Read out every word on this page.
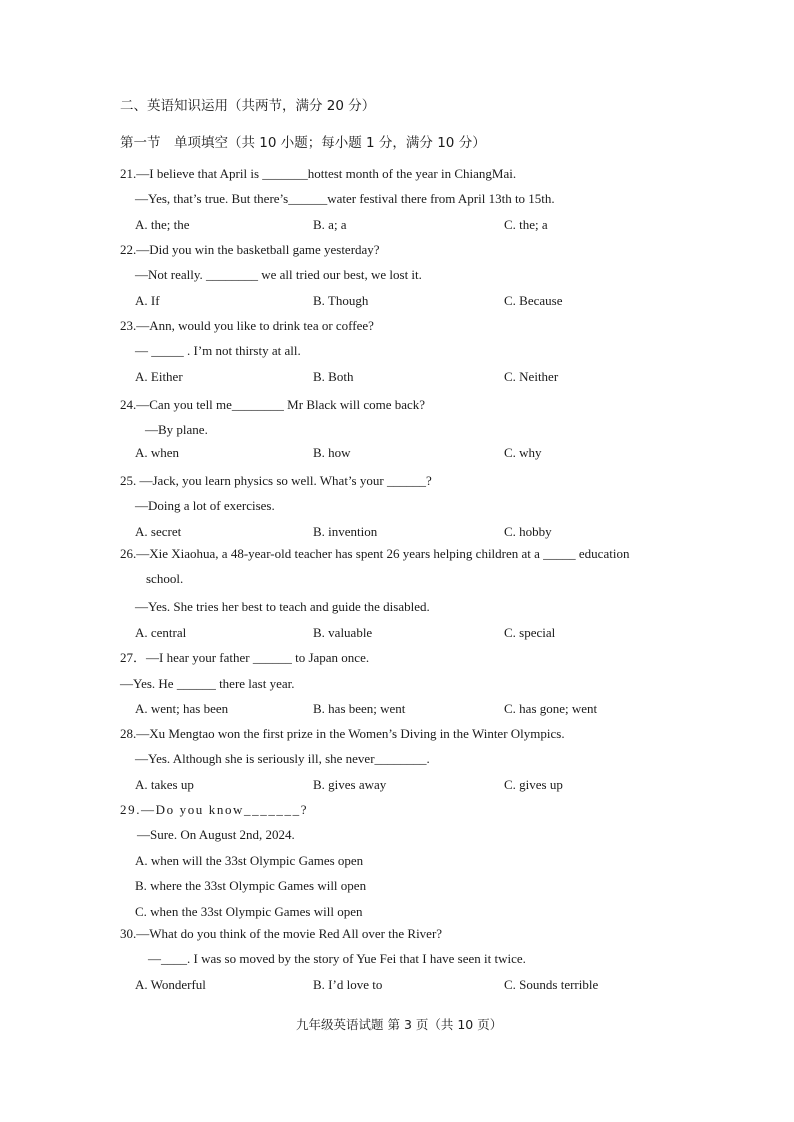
二、英语知识运用（共两节，满分 20 分）
第一节　单项填空（共 10 小题；每小题 1 分，满分 10 分）
21.—I believe that April is _______hottest month of the year in ChiangMai.
—Yes, that’s true. But there’s______water festival there from April 13th to 15th.
A. the; the	B. a; a	C. the; a
22.—Did you win the basketball game yesterday?
—Not really. ________ we all tried our best, we lost it.
A. If	B. Though	C. Because
23.—Ann, would you like to drink tea or coffee?
— _____ . I’m not thirsty at all.
A. Either	B. Both	C. Neither
24.—Can you tell me________ Mr Black will come back?
—By plane.
A. when	B. how	C. why
25. —Jack, you learn physics so well. What’s your ______?
—Doing a lot of exercises.
A. secret	B. invention	C. hobby
26.—Xie Xiaohua, a 48-year-old teacher has spent 26 years helping children at a _____ education
school.
—Yes. She tries her best to teach and guide the disabled.
A. central	B. valuable	C. special
27．—I hear your father ______ to Japan once.
—Yes. He ______ there last year.
A. went; has been	B. has been; went	C. has gone; went
28.—Xu Mengtao won the first prize in the Women’s Diving in the Winter Olympics.
—Yes. Although she is seriously ill, she never________.
A. takes up	B. gives away	C. gives up
29.—Do you know_______?
—Sure. On August 2nd, 2024.
A. when will the 33st Olympic Games open
B. where the 33st Olympic Games will open
C. when the 33st Olympic Games will open
30.—What do you think of the movie Red All over the River?
—____. I was so moved by the story of Yue Fei that I have seen it twice.
A. Wonderful	B. I’d love to	C. Sounds terrible
九年级英语试题 第 3 页（共 10 页）
